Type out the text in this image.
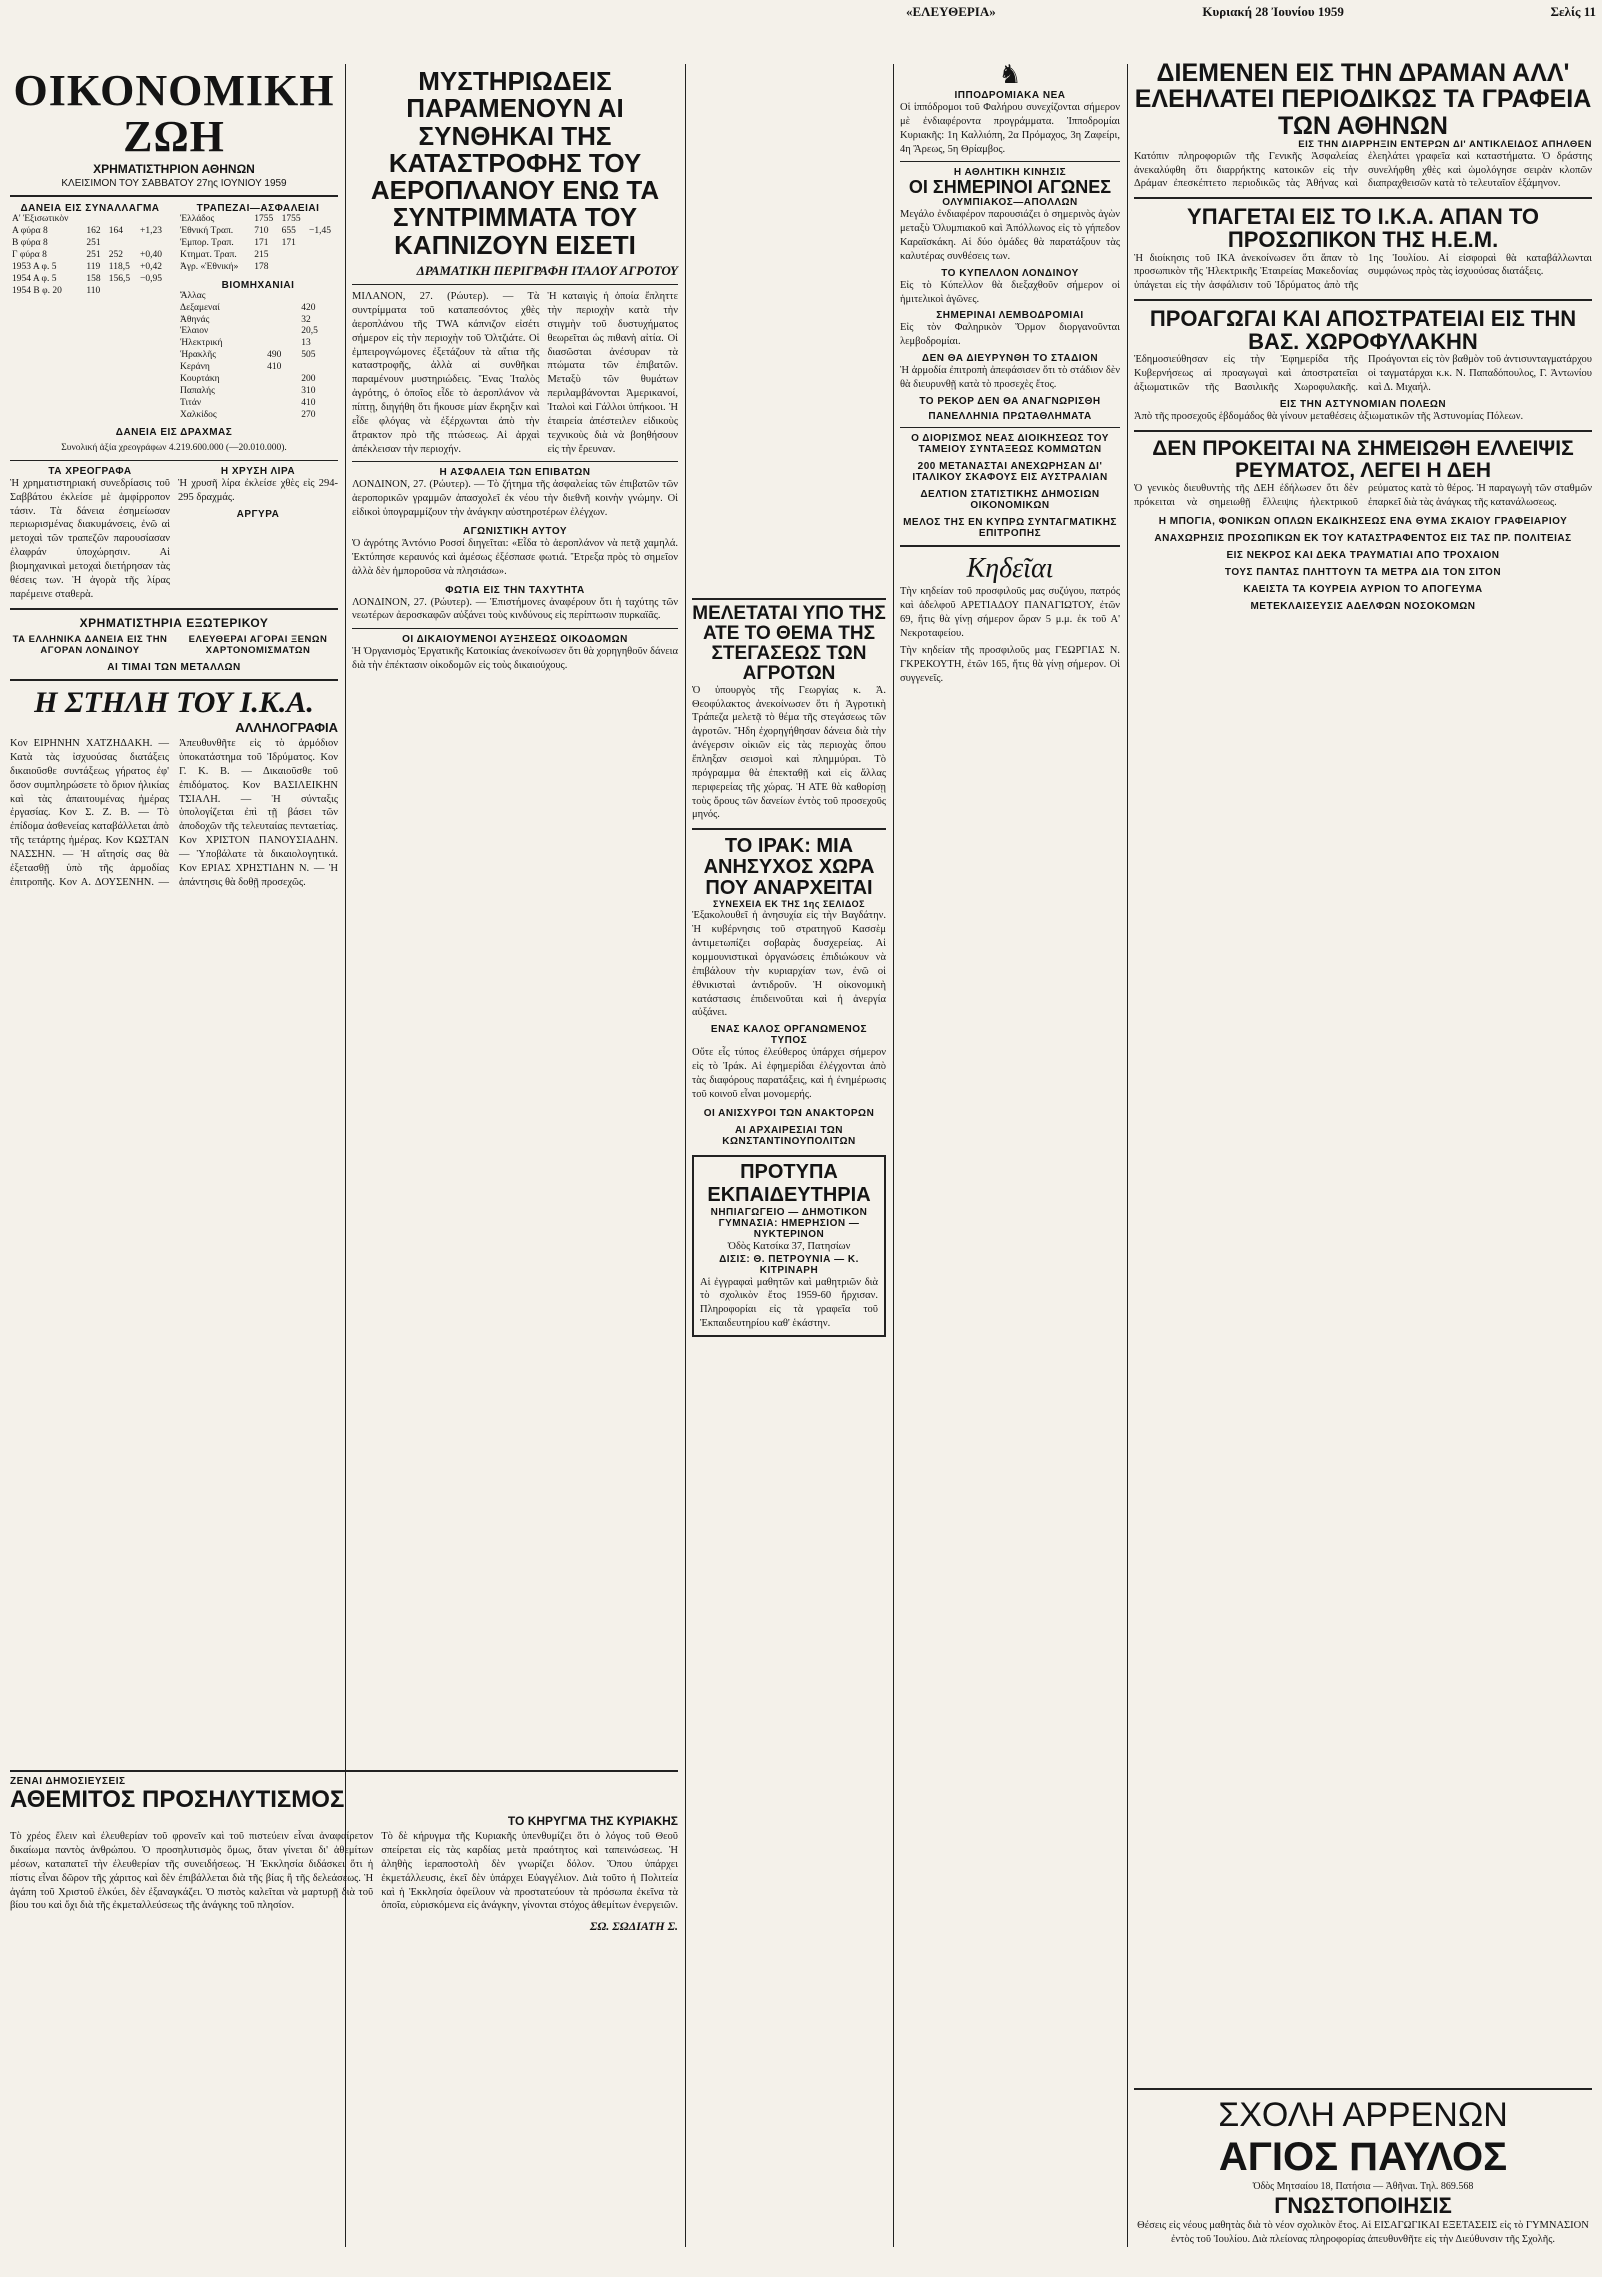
ΟΙΚΟΝΟΜΙΚΗ ΖΩΗ
ΧΡΗΜΑΤΙΣΤΗΡΙΟΝ ΑΘΗΝΩΝ
ΚΛΕΙΣΙΜΟΝ ΤΟΥ ΣΑΒΒΑΤΟΥ 27ης ΙΟΥΝΙΟΥ 1959
ΔΑΝΕΙΑ ΕΙΣ ΣΥΝΑΛΛΑΓΜΑ
Α' Ἐξισωτικὸν			
Α φύρα 8	162	164	+1,23
Β φύρα 8	251		
Γ φύρα 8	251	252	+0,40
1953 Α φ. 5	119	118,5	+0,42
1954 Α φ. 5	158	156,5	−0,95
1954 Β φ. 20	110		
ΤΡΑΠΕΖΑΙ—ΑΣΦΑΛΕΙΑΙ
Ἑλλάδος	1755	1755	
Ἐθνική Τραπ.	710	655	−1,45
Ἐμπορ. Τραπ.	171	171	
Κτηματ. Τραπ.	215		
Ἀγρ. «Ἑθνική»	178		
ΒΙΟΜΗΧΑΝΙΑΙ
Ἄλλας		
Δεξαμεναί		420
Ἀθηνάς		32
Ἐλαιον		20,5
Ἠλεκτρική		13
Ἡρακλῆς	490	505
Κεράνη	410	
Κουρτάκη		200
Παπαλής		310
Τιτάν		410
Χαλκίδος		270
ΔΑΝΕΙΑ ΕΙΣ ΔΡΑΧΜΑΣ
Συνολική ἀξία χρεογράφων 4.219.600.000 (—20.010.000).
ΤΑ ΧΡΕΟΓΡΑΦΑ

Ἡ χρηματιστηριακή συνεδρίασις τοῦ Σαββάτου ἐκλείσε μὲ ἀμφίρροπον τάσιν. Τὰ δάνεια ἐσημείωσαν περιωρισμένας διακυμάνσεις, ἐνῶ αἱ μετοχαὶ τῶν τραπεζῶν παρουσίασαν ἐλαφράν ὑποχώρησιν. Αἱ βιομηχανικαὶ μετοχαὶ διετήρησαν τὰς θέσεις των. Ἡ ἀγορὰ τῆς λίρας παρέμεινε σταθερὰ.

Η ΧΡΥΣΗ ΛΙΡΑ

Ἡ χρυσῆ λίρα ἐκλείσε χθὲς εἰς 294-295 δραχμάς.

ΑΡΓΥΡΑ
ΧΡΗΜΑΤΙΣΤΗΡΙΑ ΕΞΩΤΕΡΙΚΟΥ
ΤΑ ΕΛΛΗΝΙΚΑ ΔΑΝΕΙΑ ΕΙΣ ΤΗΝ ΑΓΟΡΑΝ ΛΟΝΔΙΝΟΥ
ΕΛΕΥΘΕΡΑΙ ΑΓΟΡΑΙ ΞΕΝΩΝ ΧΑΡΤΟΝΟΜΙΣΜΑΤΩΝ
ΑΙ ΤΙΜΑΙ ΤΩΝ ΜΕΤΑΛΛΩΝ
Η ΣΤΗΛΗ ΤΟΥ Ι.Κ.Α.
ΑΛΛΗΛΟΓΡΑΦΙΑ

Κον ΕΙΡΗΝΗΝ ΧΑΤΖΗΔΑΚΗ. — Κατὰ τὰς ἰσχυούσας διατάξεις δικαιοῦσθε συντάξεως γήρατος ἐφ' ὅσον συμπληρώσετε τὸ ὅριον ἡλικίας καὶ τὰς ἀπαιτουμένας ἡμέρας ἐργασίας. Κον Σ. Ζ. Β. — Τὸ ἐπίδομα ἀσθενείας καταβάλλεται ἀπὸ τῆς τετάρτης ἡμέρας. Κον ΚΩΣΤΑΝ ΝΑΣΣΗΝ. — Ἡ αἴτησίς σας θὰ ἐξετασθῇ ὑπὸ τῆς ἁρμοδίας ἐπιτροπῆς. Κον Α. ΔΟΥΣΕΝΗΝ. — Ἀπευθυνθῆτε εἰς τὸ ἁρμόδιον ὑποκατάστημα τοῦ Ἱδρύματος. Κον Γ. Κ. Β. — Δικαιοῦσθε τοῦ ἐπιδόματος. Κον ΒΑΣΙΛΕΙΚΗΝ ΤΣΙΑΛΗ. — Ἡ σύνταξις ὑπολογίζεται ἐπὶ τῇ βάσει τῶν ἀποδοχῶν τῆς τελευταίας πενταετίας. Κον ΧΡΙΣΤΟΝ ΠΑΝΟΥΣΙΑΔΗΝ. — Ὑποβάλατε τὰ δικαιολογητικά. Κον ΕΡΙΑΣ ΧΡΗΣΤΙΔΗΝ Ν. — Ἡ ἀπάντησις θὰ δοθῇ προσεχῶς.

ΖΕΝΑΙ ΔΗΜΟΣΙΕΥΣΕΙΣ
ΑΘΕΜΙΤΟΣ ΠΡΟΣΗΛΥΤΙΣΜΟΣ
ΤΟ ΚΗΡΥΓΜΑ ΤΗΣ ΚΥΡΙΑΚΗΣ

Τὸ χρέος ἔλειν καὶ ἐλευθερίαν τοῦ φρονεῖν καὶ τοῦ πιστεύειν εἶναι ἀναφαίρετον δικαίωμα παντὸς ἀνθρώπου. Ὁ προσηλυτισμὸς ὅμως, ὅταν γίνεται δι' ἀθεμίτων μέσων, καταπατεῖ τὴν ἐλευθερίαν τῆς συνειδήσεως. Ἡ Ἐκκλησία διδάσκει ὅτι ἡ πίστις εἶναι δῶρον τῆς χάριτος καὶ δὲν ἐπιβάλλεται διὰ τῆς βίας ἢ τῆς δελεάσεως. Ἡ ἀγάπη τοῦ Χριστοῦ ἑλκύει, δὲν ἐξαναγκάζει. Ὁ πιστὸς καλεῖται νὰ μαρτυρῇ διὰ τοῦ βίου του καὶ ὄχι διὰ τῆς ἐκμεταλλεύσεως τῆς ἀνάγκης τοῦ πλησίον.

Τὸ δὲ κήρυγμα τῆς Κυριακῆς ὑπενθυμίζει ὅτι ὁ λόγος τοῦ Θεοῦ σπείρεται εἰς τὰς καρδίας μετὰ πραότητος καὶ ταπεινώσεως. Ἡ ἀληθὴς ἱεραποστολὴ δὲν γνωρίζει δόλον. Ὅπου ὑπάρχει ἐκμετάλλευσις, ἐκεῖ δὲν ὑπάρχει Εὐαγγέλιον. Διὰ τοῦτο ἡ Πολιτεία καὶ ἡ Ἐκκλησία ὀφείλουν νὰ προστατεύουν τὰ πρόσωπα ἐκεῖνα τὰ ὁποῖα, εὑρισκόμενα εἰς ἀνάγκην, γίνονται στόχος ἀθεμίτων ἐνεργειῶν.

ΣΩ. ΣΩΔΙΑΤΗ Σ.
ΜΥΣΤΗΡΙΩΔΕΙΣ ΠΑΡΑΜΕΝΟΥΝ ΑΙ ΣΥΝΘΗΚΑΙ ΤΗΣ ΚΑΤΑΣΤΡΟΦΗΣ ΤΟΥ ΑΕΡΟΠΛΑΝΟΥ ΕΝΩ ΤΑ ΣΥΝΤΡΙΜΜΑΤΑ ΤΟΥ ΚΑΠΝΙΖΟΥΝ ΕΙΣΕΤΙ
ΔΡΑΜΑΤΙΚΗ ΠΕΡΙΓΡΑΦΗ ΙΤΑΛΟΥ ΑΓΡΟΤΟΥ

ΜΙΛΑΝΟΝ, 27. (Ρώυτερ). — Τὰ συντρίμματα τοῦ καταπεσόντος χθὲς ἀεροπλάνου τῆς TWA κάπνιζον εἰσέτι σήμερον εἰς τὴν περιοχὴν τοῦ Ὀλτζιάτε. Οἱ ἐμπειρογνώμονες ἐξετάζουν τὰ αἴτια τῆς καταστροφῆς, ἀλλὰ αἱ συνθῆκαι παραμένουν μυστηριώδεις. Ἕνας Ἰταλὸς ἀγρότης, ὁ ὁποῖος εἶδε τὸ ἀεροπλάνον νὰ πίπτῃ, διηγήθη ὅτι ἤκουσε μίαν ἔκρηξιν καὶ εἶδε φλόγας νὰ ἐξέρχωνται ἀπὸ τὴν ἄτρακτον πρὸ τῆς πτώσεως. Αἱ ἀρχαὶ ἀπέκλεισαν τὴν περιοχήν.

Ἡ καταιγὶς ἡ ὁποία ἔπληττε τὴν περιοχὴν κατὰ τὴν στιγμὴν τοῦ δυστυχήματος θεωρεῖται ὡς πιθανὴ αἰτία. Οἱ διασῶσται ἀνέσυραν τὰ πτώματα τῶν ἐπιβατῶν. Μεταξὺ τῶν θυμάτων περιλαμβάνονται Ἀμερικανοί, Ἰταλοὶ καὶ Γάλλοι ὑπήκοοι. Ἡ ἑταιρεία ἀπέστειλεν εἰδικοὺς τεχνικοὺς διὰ νὰ βοηθήσουν εἰς τὴν ἔρευναν.

Η ΑΣΦΑΛΕΙΑ ΤΩΝ ΕΠΙΒΑΤΩΝ

ΛΟΝΔΙΝΟΝ, 27. (Ρώυτερ). — Τὸ ζήτημα τῆς ἀσφαλείας τῶν ἐπιβατῶν τῶν ἀεροπορικῶν γραμμῶν ἀπασχολεῖ ἐκ νέου τὴν διεθνῆ κοινὴν γνώμην. Οἱ εἰδικοὶ ὑπογραμμίζουν τὴν ἀνάγκην αὐστηροτέρων ἐλέγχων.

ΑΓΩΝΙΣΤΙΚΗ ΑΥΤΟΥ

Ὁ ἀγρότης Ἀντόνιο Ροσσί διηγεῖται: «Εἶδα τὸ ἀεροπλάνον νὰ πετᾷ χαμηλά. Ἐκτύπησε κεραυνός καὶ ἀμέσως ἐξέσπασε φωτιά. Ἔτρεξα πρὸς τὸ σημεῖον ἀλλὰ δὲν ἠμποροῦσα νὰ πλησιάσω».

ΦΩΤΙΑ ΕΙΣ ΤΗΝ ΤΑΧΥΤΗΤΑ

ΛΟΝΔΙΝΟΝ, 27. (Ρώυτερ). — Ἐπιστήμονες ἀναφέρουν ὅτι ἡ ταχύτης τῶν νεωτέρων ἀεροσκαφῶν αὐξάνει τοὺς κινδύνους εἰς περίπτωσιν πυρκαϊᾶς.

ΟΙ ΔΙΚΑΙΟΥΜΕΝΟΙ ΑΥΞΗΣΕΩΣ ΟΙΚΟΔΟΜΩΝ

Ἡ Ὀργανισμὸς Ἐργατικῆς Κατοικίας ἀνεκοίνωσεν ὅτι θὰ χορηγηθοῦν δάνεια διὰ τὴν ἐπέκτασιν οἰκοδομῶν εἰς τοὺς δικαιούχους.

ΜΕΛΕΤΑΤΑΙ ΥΠΟ ΤΗΣ ΑΤΕ ΤΟ ΘΕΜΑ ΤΗΣ ΣΤΕΓΑΣΕΩΣ ΤΩΝ ΑΓΡΟΤΩΝ

Ὁ ὑπουργὸς τῆς Γεωργίας κ. Ἀ. Θεοφύλακτος ἀνεκοίνωσεν ὅτι ἡ Ἀγροτικὴ Τράπεζα μελετᾷ τὸ θέμα τῆς στεγάσεως τῶν ἀγροτῶν. Ἤδη ἐχορηγήθησαν δάνεια διὰ τὴν ἀνέγερσιν οἰκιῶν εἰς τὰς περιοχὰς ὅπου ἔπληξαν σεισμοὶ καὶ πλημμύραι. Τὸ πρόγραμμα θὰ ἐπεκταθῇ καὶ εἰς ἄλλας περιφερείας τῆς χώρας. Ἡ ΑΤΕ θὰ καθορίσῃ τοὺς ὅρους τῶν δανείων ἐντὸς τοῦ προσεχοῦς μηνός.

ΤΟ ΙΡΑΚ: ΜΙΑ ΑΝΗΣΥΧΟΣ ΧΩΡΑ ΠΟΥ ΑΝΑΡΧΕΙΤΑΙ
ΣΥΝΕΧΕΙΑ ΕΚ ΤΗΣ 1ης ΣΕΛΙΔΟΣ

Ἐξακολουθεῖ ἡ ἀνησυχία εἰς τὴν Βαγδάτην. Ἡ κυβέρνησις τοῦ στρατηγοῦ Κασσὲμ ἀντιμετωπίζει σοβαρὰς δυσχερείας. Αἱ κομμουνιστικαὶ ὀργανώσεις ἐπιδιώκουν νὰ ἐπιβάλουν τὴν κυριαρχίαν των, ἐνῶ οἱ ἐθνικισταὶ ἀντιδροῦν. Ἡ οἰκονομικὴ κατάστασις ἐπιδεινοῦται καὶ ἡ ἀνεργία αὐξάνει.

ΕΝΑΣ ΚΑΛΟΣ ΟΡΓΑΝΩΜΕΝΟΣ ΤΥΠΟΣ

Οὔτε εἷς τύπος ἐλεύθερος ὑπάρχει σήμερον εἰς τὸ Ἰράκ. Αἱ ἐφημερίδαι ἐλέγχονται ἀπὸ τὰς διαφόρους παρατάξεις, καὶ ἡ ἐνημέρωσις τοῦ κοινοῦ εἶναι μονομερής.

ΟΙ ΑΝΙΣΧΥΡΟΙ ΤΩΝ ΑΝΑΚΤΟΡΩΝ
ΑΙ ΑΡΧΑΙΡΕΣΙΑΙ ΤΩΝ ΚΩΝΣΤΑΝΤΙΝΟΥΠΟΛΙΤΩΝ
ΠΡΟΤΥΠΑ ΕΚΠΑΙΔΕΥΤΗΡΙΑ
ΝΗΠΙΑΓΩΓΕΙΟ — ΔΗΜΟΤΙΚΟΝ
ΓΥΜΝΑΣΙΑ: ΗΜΕΡΗΣΙΟΝ — ΝΥΚΤΕΡΙΝΟΝ
Ὁδὸς Κατσίκα 37, Πατησίων
ΔΙΣΙΣ: Θ. ΠΕΤΡΟΥΝΙΑ — Κ. ΚΙΤΡΙΝΑΡΗ

Αἱ ἐγγραφαὶ μαθητῶν καὶ μαθητριῶν διὰ τὸ σχολικὸν ἔτος 1959-60 ἤρχισαν. Πληροφορίαι εἰς τὰ γραφεῖα τοῦ Ἐκπαιδευτηρίου καθ' ἑκάστην.

«ΕΛΕΥΘΕΡΙΑ»	Κυριακή 28 Ἰουνίου 1959	Σελίς 11
♞
ΙΠΠΟΔΡΟΜΙΑΚΑ ΝΕΑ

Οἱ ἱππόδρομοι τοῦ Φαλήρου συνεχίζονται σήμερον μὲ ἐνδιαφέροντα προγράμματα. Ἱπποδρομίαι Κυριακῆς: 1η Καλλιόπη, 2α Πρόμαχος, 3η Ζαφείρι, 4η Ἄρεως, 5η Θρίαμβος.

Η ΑΘΛΗΤΙΚΗ ΚΙΝΗΣΙΣ
ΟΙ ΣΗΜΕΡΙΝΟΙ ΑΓΩΝΕΣ
ΟΛΥΜΠΙΑΚΟΣ—ΑΠΟΛΛΩΝ

Μεγάλο ἐνδιαφέρον παρουσιάζει ὁ σημερινὸς ἀγὼν μεταξὺ Ὀλυμπιακοῦ καὶ Ἀπόλλωνος εἰς τὸ γήπεδον Καραϊσκάκη. Αἱ δύο ὁμάδες θὰ παρατάξουν τὰς καλυτέρας συνθέσεις των.

ΤΟ ΚΥΠΕΛΛΟΝ ΛΟΝΔΙΝΟΥ

Εἰς τὸ Κύπελλον θὰ διεξαχθοῦν σήμερον οἱ ἡμιτελικοὶ ἀγῶνες.

ΣΗΜΕΡΙΝΑΙ ΛΕΜΒΟΔΡΟΜΙΑΙ

Εἰς τὸν Φαληρικὸν Ὅρμον διοργανοῦνται λεμβοδρομίαι.

ΔΕΝ ΘΑ ΔΙΕΥΡΥΝΘΗ ΤΟ ΣΤΑΔΙΟΝ

Ἡ ἁρμοδία ἐπιτροπὴ ἀπεφάσισεν ὅτι τὸ στάδιον δὲν θὰ διευρυνθῇ κατὰ τὸ προσεχὲς ἔτος.

ΤΟ ΡΕΚΟΡ ΔΕΝ ΘΑ ΑΝΑΓΝΩΡΙΣΘΗ
ΠΑΝΕΛΛΗΝΙΑ ΠΡΩΤΑΘΛΗΜΑΤΑ
Ο ΔΙΟΡΙΣΜΟΣ ΝΕΑΣ ΔΙΟΙΚΗΣΕΩΣ ΤΟΥ ΤΑΜΕΙΟΥ ΣΥΝΤΑΞΕΩΣ ΚΟΜΜΩΤΩΝ
200 ΜΕΤΑΝΑΣΤΑΙ ΑΝΕΧΩΡΗΣΑΝ ΔΙ' ΙΤΑΛΙΚΟΥ ΣΚΑΦΟΥΣ ΕΙΣ ΑΥΣΤΡΑΛΙΑΝ
ΔΕΛΤΙΟΝ ΣΤΑΤΙΣΤΙΚΗΣ ΔΗΜΟΣΙΩΝ ΟΙΚΟΝΟΜΙΚΩΝ
ΜΕΛΟΣ ΤΗΣ ΕΝ ΚΥΠΡΩ ΣΥΝΤΑΓΜΑΤΙΚΗΣ ΕΠΙΤΡΟΠΗΣ
Κηδεῖαι

Τὴν κηδείαν τοῦ προσφιλοῦς μας συζύγου, πατρός καὶ ἀδελφοῦ ΑΡΕΤΙΑΔΟΥ ΠΑΝΑΓΙΩΤΟΥ, ἐτῶν 69, ἥτις θὰ γίνῃ σήμερον ὥραν 5 μ.μ. ἐκ τοῦ Α' Νεκροταφείου.

Τὴν κηδείαν τῆς προσφιλοῦς μας ΓΕΩΡΓΙΑΣ Ν. ΓΚΡΕΚΟΥΤΗ, ἐτῶν 165, ἥτις θὰ γίνῃ σήμερον. Οἱ συγγενεῖς.

ΔΙΕΜΕΝΕΝ ΕΙΣ ΤΗΝ ΔΡΑΜΑΝ ΑΛΛ' ΕΛΕΗΛΑΤΕΙ ΠΕΡΙΟΔΙΚΩΣ ΤΑ ΓΡΑΦΕΙΑ ΤΩΝ ΑΘΗΝΩΝ
ΕΙΣ ΤΗΝ ΔΙΑΡΡΗΞΙΝ ΕΝΤΕΡΩΝ ΔΙ' ΑΝΤΙΚΛΕΙΔΟΣ ΑΠΗΛΘΕΝ

Κατόπιν πληροφοριῶν τῆς Γενικῆς Ἀσφαλείας ἀνεκαλύφθη ὅτι διαρρήκτης κατοικῶν εἰς τὴν Δράμαν ἐπεσκέπτετο περιοδικῶς τὰς Ἀθήνας καὶ ἐλεηλάτει γραφεῖα καὶ καταστήματα. Ὁ δράστης συνελήφθη χθὲς καὶ ὡμολόγησε σειρὰν κλοπῶν διαπραχθεισῶν κατὰ τὸ τελευταῖον ἑξάμηνον.

ΥΠΑΓΕΤΑΙ ΕΙΣ ΤΟ Ι.Κ.Α. ΑΠΑΝ ΤΟ ΠΡΟΣΩΠΙΚΟΝ ΤΗΣ Η.Ε.Μ.

Ἡ διοίκησις τοῦ ΙΚΑ ἀνεκοίνωσεν ὅτι ἅπαν τὸ προσωπικὸν τῆς Ἠλεκτρικῆς Ἑταιρείας Μακεδονίας ὑπάγεται εἰς τὴν ἀσφάλισιν τοῦ Ἱδρύματος ἀπὸ τῆς 1ης Ἰουλίου. Αἱ εἰσφοραὶ θὰ καταβάλλωνται συμφώνως πρὸς τὰς ἰσχυούσας διατάξεις.

ΠΡΟΑΓΩΓΑΙ ΚΑΙ ΑΠΟΣΤΡΑΤΕΙΑΙ ΕΙΣ ΤΗΝ ΒΑΣ. ΧΩΡΟΦΥΛΑΚΗΝ

Ἐδημοσιεύθησαν εἰς τὴν Ἐφημερίδα τῆς Κυβερνήσεως αἱ προαγωγαὶ καὶ ἀποστρατεῖαι ἀξιωματικῶν τῆς Βασιλικῆς Χωροφυλακῆς. Προάγονται εἰς τὸν βαθμὸν τοῦ ἀντισυνταγματάρχου οἱ ταγματάρχαι κ.κ. Ν. Παπαδόπουλος, Γ. Ἀντωνίου καὶ Δ. Μιχαήλ.

ΕΙΣ ΤΗΝ ΑΣΤΥΝΟΜΙΑΝ ΠΟΛΕΩΝ

Ἀπὸ τῆς προσεχοῦς ἑβδομάδος θὰ γίνουν μεταθέσεις ἀξιωματικῶν τῆς Ἀστυνομίας Πόλεων.

ΔΕΝ ΠΡΟΚΕΙΤΑΙ ΝΑ ΣΗΜΕΙΩΘΗ ΕΛΛΕΙΨΙΣ ΡΕΥΜΑΤΟΣ, ΛΕΓΕΙ Η ΔΕΗ

Ὁ γενικὸς διευθυντὴς τῆς ΔΕΗ ἐδήλωσεν ὅτι δὲν πρόκειται νὰ σημειωθῇ ἔλλειψις ἠλεκτρικοῦ ρεύματος κατὰ τὸ θέρος. Ἡ παραγωγὴ τῶν σταθμῶν ἐπαρκεῖ διὰ τὰς ἀνάγκας τῆς κατανάλωσεως.

Η ΜΠΟΓΙΑ, ΦΟΝΙΚΩΝ ΟΠΛΩΝ ΕΚΔΙΚΗΣΕΩΣ ΕΝΑ ΘΥΜΑ ΣΚΑΙΟΥ ΓΡΑΦΕΙΑΡΙΟΥ
ΑΝΑΧΩΡΗΣΙΣ ΠΡΟΣΩΠΙΚΩΝ ΕΚ ΤΟΥ ΚΑΤΑΣΤΡΑΦΕΝΤΟΣ ΕΙΣ ΤΑΣ ΠΡ. ΠΟΛΙΤΕΙΑΣ
ΕΙΣ ΝΕΚΡΟΣ ΚΑΙ ΔΕΚΑ ΤΡΑΥΜΑΤΙΑΙ ΑΠΟ ΤΡΟΧΑΙΟΝ
ΤΟΥΣ ΠΑΝΤΑΣ ΠΛΗΤΤΟΥΝ ΤΑ ΜΕΤΡΑ ΔΙΑ ΤΟΝ ΣΙΤΟΝ
ΚΑΕΙΣΤΑ ΤΑ ΚΟΥΡΕΙΑ ΑΥΡΙΟΝ ΤΟ ΑΠΟΓΕΥΜΑ
ΜΕΤΕΚΛΑΙΣΕΥΣΙΣ ΑΔΕΛΦΩΝ ΝΟΣΟΚΟΜΩΝ
ΣΧΟΛΗ ΑΡΡΕΝΩΝ
ΑΓΙΟΣ ΠΑΥΛΟΣ
Ὁδὸς Μητσαίου 18, Πατήσια — Ἀθῆναι. Τηλ. 869.568
ΓΝΩΣΤΟΠΟΙΗΣΙΣ

Θέσεις εἰς νέους μαθητὰς διὰ τὸ νέον σχολικὸν ἔτος. Αἱ ΕΙΣΑΓΩΓΙΚΑΙ ΕΞΕΤΑΣΕΙΣ εἰς τὸ ΓΥΜΝΑΣΙΟΝ ἐντὸς τοῦ Ἰουλίου. Διὰ πλείονας πληροφορίας ἀπευθυνθῆτε εἰς τὴν Διεύθυνσιν τῆς Σχολῆς.
